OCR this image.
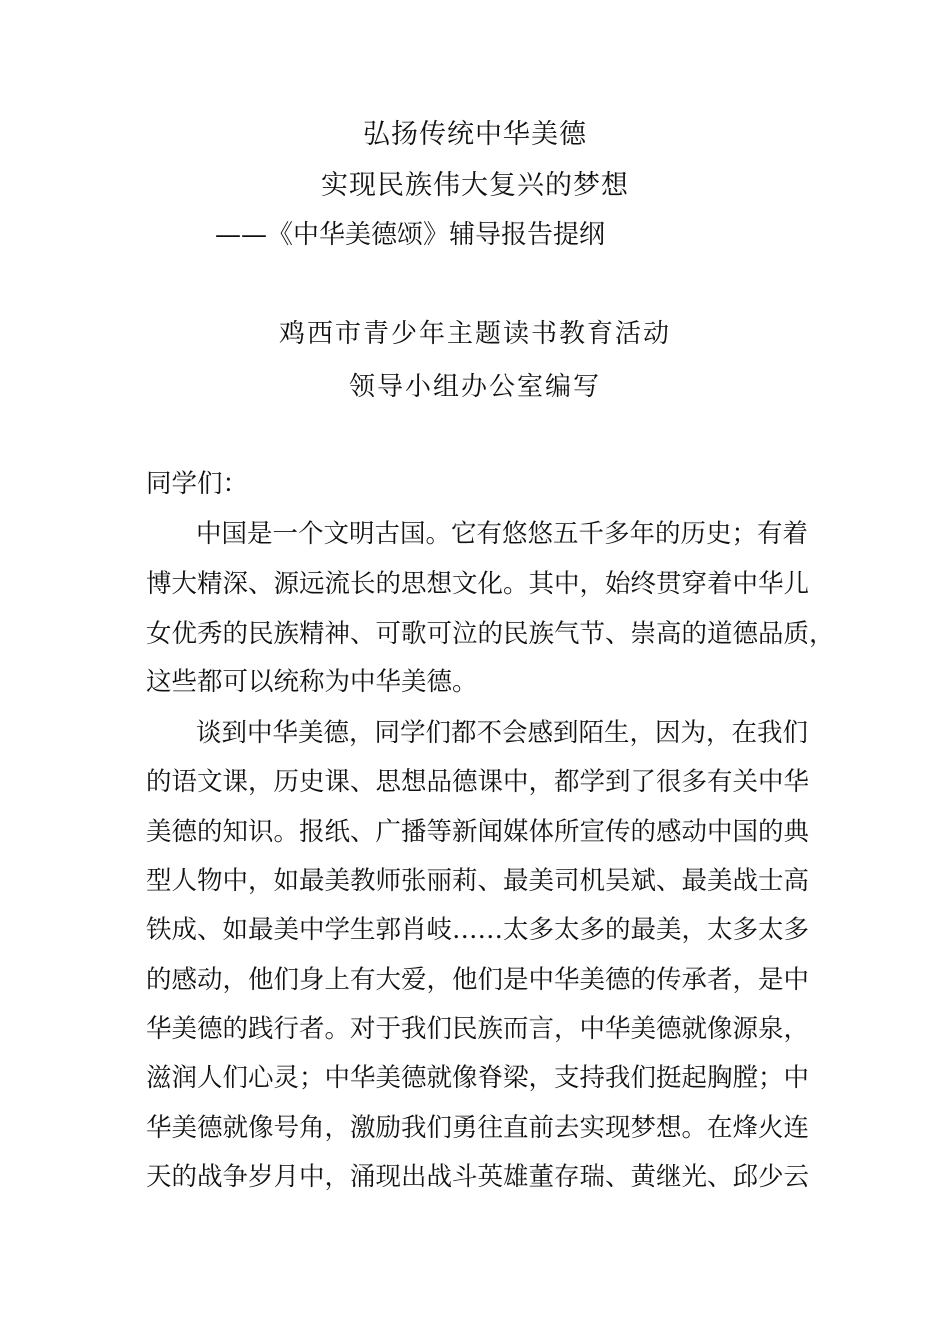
弘扬传统中华美德
实现民族伟大复兴的梦想
——《中华美德颂》辅导报告提纲
鸡西市青少年主题读书教育活动
领导小组办公室编写
同学们：
中国是一个文明古国。它有悠悠五千多年的历史；有着
博大精深、源远流长的思想文化。其中，始终贯穿着中华儿
女优秀的民族精神、可歌可泣的民族气节、崇高的道德品质，
这些都可以统称为中华美德。
谈到中华美德，同学们都不会感到陌生，因为，在我们
的语文课，历史课、思想品德课中，都学到了很多有关中华
美德的知识。报纸、广播等新闻媒体所宣传的感动中国的典
型人物中，如最美教师张丽莉、最美司机吴斌、最美战士高
铁成、如最美中学生郭肖岐……太多太多的最美，太多太多
的感动，他们身上有大爱，他们是中华美德的传承者，是中
华美德的践行者。对于我们民族而言，中华美德就像源泉，
滋润人们心灵；中华美德就像脊梁，支持我们挺起胸膛；中
华美德就像号角，激励我们勇往直前去实现梦想。在烽火连
天的战争岁月中，涌现出战斗英雄董存瑞、黄继光、邱少云
